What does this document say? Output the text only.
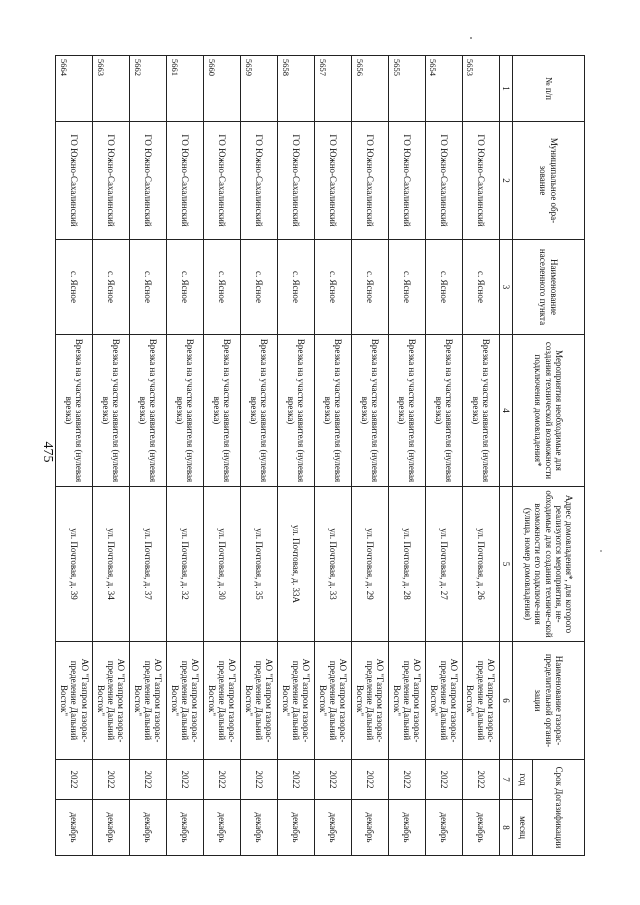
475
№ п/п	Муниципальное обра-зование	Наименование населенного пункта	Мероприятия необходимые для создания технической возможности подключения домовладения*	Адрес домовладения*, для которого реализуются мероприятия, не-обходимые для создания техниче-ской возможности его подключе-ния (улица, номер домовладения)	Наименование газорас-пределительной органи-зации	Срок Догазификации	
						год	месяц
1	2	3	4	5	6	7	8

5653	ГО Южно-Сахалинский	с. Ясное	Врезка на участке заявителя (нулевая врезка)	ул. Почтовая, д. 26	АО "Газпром газорас-пределение Дальний Восток"	2022	декабрь

5654	ГО Южно-Сахалинский	с. Ясное	Врезка на участке заявителя (нулевая врезка)	ул. Почтовая, д. 27	АО "Газпром газорас-пределение Дальний Восток"	2022	декабрь

5655	ГО Южно-Сахалинский	с. Ясное	Врезка на участке заявителя (нулевая врезка)	ул. Почтовая, д. 28	АО "Газпром газорас-пределение Дальний Восток"	2022	декабрь

5656	ГО Южно-Сахалинский	с. Ясное	Врезка на участке заявителя (нулевая врезка)	ул. Почтовая, д. 29	АО "Газпром газорас-пределение Дальний Восток"	2022	декабрь

5657	ГО Южно-Сахалинский	с. Ясное	Врезка на участке заявителя (нулевая врезка)	ул. Почтовая, д. 33	АО "Газпром газорас-пределение Дальний Восток"	2022	декабрь

5658	ГО Южно-Сахалинский	с. Ясное	Врезка на участке заявителя (нулевая врезка)	ул. Почтовая, д. 33А	АО "Газпром газорас-пределение Дальний Восток"	2022	декабрь

5659	ГО Южно-Сахалинский	с. Ясное	Врезка на участке заявителя (нулевая врезка)	ул. Почтовая, д. 35	АО "Газпром газорас-пределение Дальний Восток"	2022	декабрь

5660	ГО Южно-Сахалинский	с. Ясное	Врезка на участке заявителя (нулевая врезка)	ул. Почтовая, д. 30	АО "Газпром газорас-пределение Дальний Восток"	2022	декабрь

5661	ГО Южно-Сахалинский	с. Ясное	Врезка на участке заявителя (нулевая врезка)	ул. Почтовая, д. 32	АО "Газпром газорас-пределение Дальний Восток"	2022	декабрь

5662	ГО Южно-Сахалинский	с. Ясное	Врезка на участке заявителя (нулевая врезка)	ул. Почтовая, д. 37	АО "Газпром газорас-пределение Дальний Восток"	2022	декабрь

5663	ГО Южно-Сахалинский	с. Ясное	Врезка на участке заявителя (нулевая врезка)	ул. Почтовая, д. 34	АО "Газпром газорас-пределение Дальний Восток"	2022	декабрь

5664	ГО Южно-Сахалинский	с. Ясное	Врезка на участке заявителя (нулевая врезка)	ул. Почтовая, д. 39	АО "Газпром газорас-пределение Дальний Восток"	2022	декабрь
